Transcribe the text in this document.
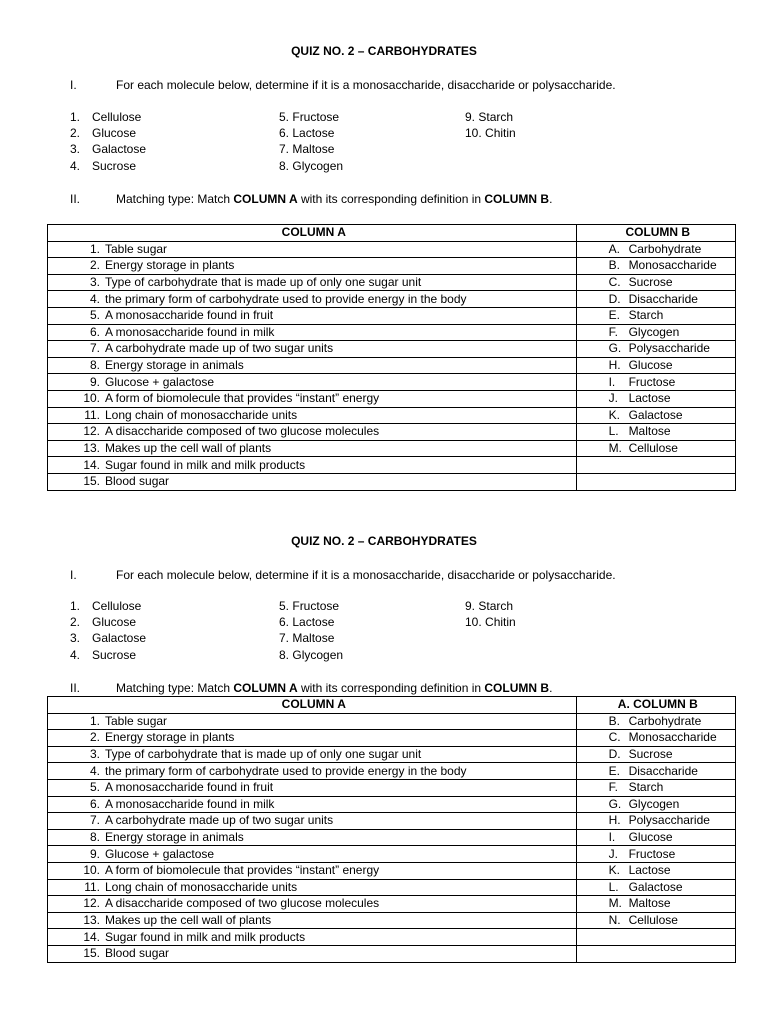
QUIZ NO. 2 – CARBOHYDRATES
I.	For each molecule below, determine if it is a monosaccharide, disaccharide or polysaccharide.
1. Cellulose
2. Glucose
3. Galactose
4. Sucrose
5. Fructose
6. Lactose
7. Maltose
8. Glycogen
9. Starch
10. Chitin
II.	Matching type: Match COLUMN A with its corresponding definition in COLUMN B.
COLUMN A	COLUMN B
1. Table sugar	A. Carbohydrate
2. Energy storage in plants	B. Monosaccharide
3. Type of carbohydrate that is made up of only one sugar unit	C. Sucrose
4. the primary form of carbohydrate used to provide energy in the body	D. Disaccharide
5. A monosaccharide found in fruit	E. Starch
6. A monosaccharide found in milk	F. Glycogen
7. A carbohydrate made up of two sugar units	G. Polysaccharide
8. Energy storage in animals	H. Glucose
9. Glucose + galactose	I. Fructose
10. A form of biomolecule that provides “instant” energy	J. Lactose
11. Long chain of monosaccharide units	K. Galactose
12. A disaccharide composed of two glucose molecules	L. Maltose
13. Makes up the cell wall of plants	M. Cellulose
14. Sugar found in milk and milk products	
15. Blood sugar	
QUIZ NO. 2 – CARBOHYDRATES
I.	For each molecule below, determine if it is a monosaccharide, disaccharide or polysaccharide.
1. Cellulose
2. Glucose
3. Galactose
4. Sucrose
5. Fructose
6. Lactose
7. Maltose
8. Glycogen
9. Starch
10. Chitin
II.	Matching type: Match COLUMN A with its corresponding definition in COLUMN B.
COLUMN A	A. COLUMN B
1. Table sugar	B. Carbohydrate
2. Energy storage in plants	C. Monosaccharide
3. Type of carbohydrate that is made up of only one sugar unit	D. Sucrose
4. the primary form of carbohydrate used to provide energy in the body	E. Disaccharide
5. A monosaccharide found in fruit	F. Starch
6. A monosaccharide found in milk	G. Glycogen
7. A carbohydrate made up of two sugar units	H. Polysaccharide
8. Energy storage in animals	I. Glucose
9. Glucose + galactose	J. Fructose
10. A form of biomolecule that provides “instant” energy	K. Lactose
11. Long chain of monosaccharide units	L. Galactose
12. A disaccharide composed of two glucose molecules	M. Maltose
13. Makes up the cell wall of plants	N. Cellulose
14. Sugar found in milk and milk products	
15. Blood sugar	
